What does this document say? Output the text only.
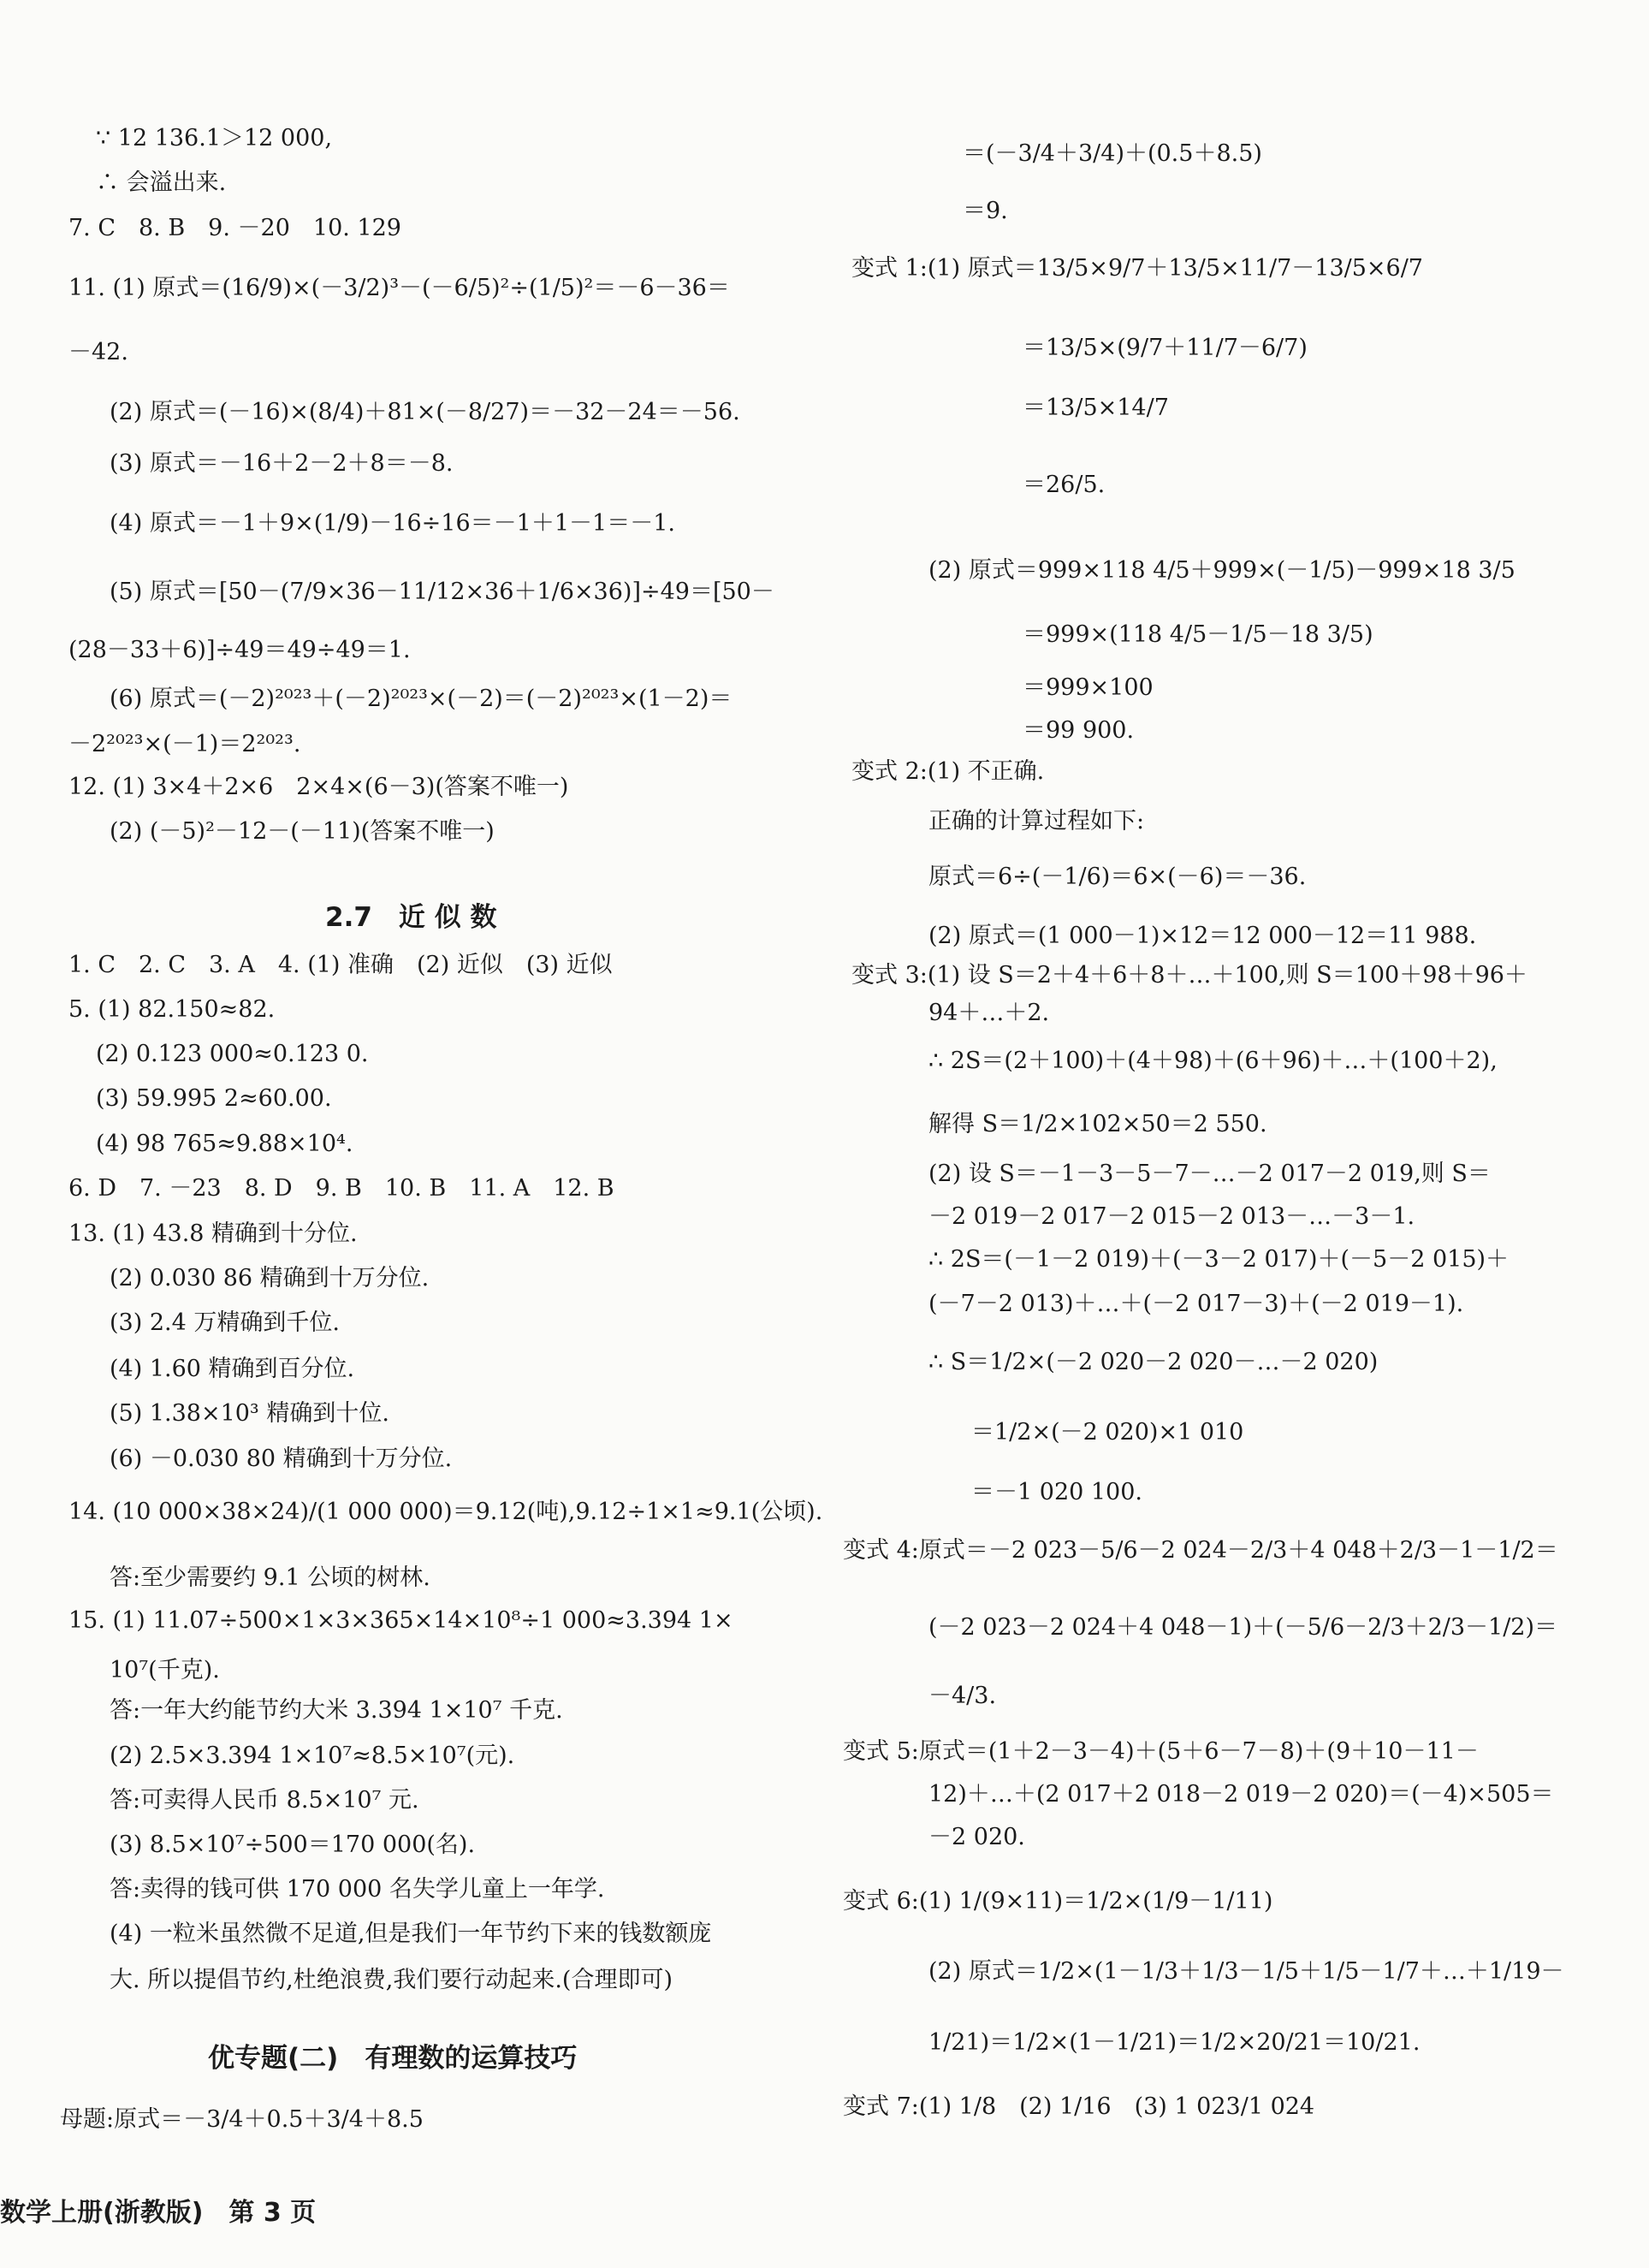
∵ 12 136.1＞12 000,
∴ 会溢出来.
7. C　8. B　9. －20　10. 129
11. (1) 原式＝(16/9)×(－3/2)³－(－6/5)²÷(1/5)²＝－6－36＝
－42.
(2) 原式＝(－16)×(8/4)＋81×(－8/27)＝－32－24＝－56.
(3) 原式＝－16＋2－2＋8＝－8.
(4) 原式＝－1＋9×(1/9)－16÷16＝－1＋1－1＝－1.
(5) 原式＝[50－(7/9×36－11/12×36＋1/6×36)]÷49＝[50－
(28－33＋6)]÷49＝49÷49＝1.
(6) 原式＝(－2)²⁰²³＋(－2)²⁰²³×(－2)＝(－2)²⁰²³×(1－2)＝
－2²⁰²³×(－1)＝2²⁰²³.
12. (1) 3×4＋2×6　2×4×(6－3)(答案不唯一)
(2) (－5)²－12－(－11)(答案不唯一)
1. C　2. C　3. A　4. (1) 准确　(2) 近似　(3) 近似
5. (1) 82.150≈82.
(2) 0.123 000≈0.123 0.
(3) 59.995 2≈60.00.
(4) 98 765≈9.88×10⁴.
6. D　7. －23　8. D　9. B　10. B　11. A　12. B
13. (1) 43.8 精确到十分位.
(2) 0.030 86 精确到十万分位.
(3) 2.4 万精确到千位.
(4) 1.60 精确到百分位.
(5) 1.38×10³ 精确到十位.
(6) －0.030 80 精确到十万分位.
14. (10 000×38×24)/(1 000 000)＝9.12(吨),9.12÷1×1≈9.1(公顷).
答:至少需要约 9.1 公顷的树林.
15. (1) 11.07÷500×1×3×365×14×10⁸÷1 000≈3.394 1×
10⁷(千克).
答:一年大约能节约大米 3.394 1×10⁷ 千克.
(2) 2.5×3.394 1×10⁷≈8.5×10⁷(元).
答:可卖得人民币 8.5×10⁷ 元.
(3) 8.5×10⁷÷500＝170 000(名).
答:卖得的钱可供 170 000 名失学儿童上一年学.
(4) 一粒米虽然微不足道,但是我们一年节约下来的钱数额庞
大. 所以提倡节约,杜绝浪费,我们要行动起来.(合理即可)
母题:原式＝－3/4＋0.5＋3/4＋8.5
2.7　近 似 数
优专题(二)　有理数的运算技巧
＝(－3/4＋3/4)＋(0.5＋8.5)
＝9.
变式 1:(1) 原式＝13/5×9/7＋13/5×11/7－13/5×6/7
＝13/5×(9/7＋11/7－6/7)
＝13/5×14/7
＝26/5.
(2) 原式＝999×118 4/5＋999×(－1/5)－999×18 3/5
＝999×(118 4/5－1/5－18 3/5)
＝999×100
＝99 900.
变式 2:(1) 不正确.
正确的计算过程如下:
原式＝6÷(－1/6)＝6×(－6)＝－36.
(2) 原式＝(1 000－1)×12＝12 000－12＝11 988.
变式 3:(1) 设 S＝2＋4＋6＋8＋…＋100,则 S＝100＋98＋96＋
94＋…＋2.
∴ 2S＝(2＋100)＋(4＋98)＋(6＋96)＋…＋(100＋2),
解得 S＝1/2×102×50＝2 550.
(2) 设 S＝－1－3－5－7－…－2 017－2 019,则 S＝
－2 019－2 017－2 015－2 013－…－3－1.
∴ 2S＝(－1－2 019)＋(－3－2 017)＋(－5－2 015)＋
(－7－2 013)＋…＋(－2 017－3)＋(－2 019－1).
∴ S＝1/2×(－2 020－2 020－…－2 020)
＝1/2×(－2 020)×1 010
＝－1 020 100.
变式 4:原式＝－2 023－5/6－2 024－2/3＋4 048＋2/3－1－1/2＝
(－2 023－2 024＋4 048－1)＋(－5/6－2/3＋2/3－1/2)＝
－4/3.
变式 5:原式＝(1＋2－3－4)＋(5＋6－7－8)＋(9＋10－11－
12)＋…＋(2 017＋2 018－2 019－2 020)＝(－4)×505＝
－2 020.
变式 6:(1) 1/(9×11)＝1/2×(1/9－1/11)
(2) 原式＝1/2×(1－1/3＋1/3－1/5＋1/5－1/7＋…＋1/19－
1/21)＝1/2×(1－1/21)＝1/2×20/21＝10/21.
变式 7:(1) 1/8　(2) 1/16　(3) 1 023/1 024
数学上册(浙教版)　第 3 页
